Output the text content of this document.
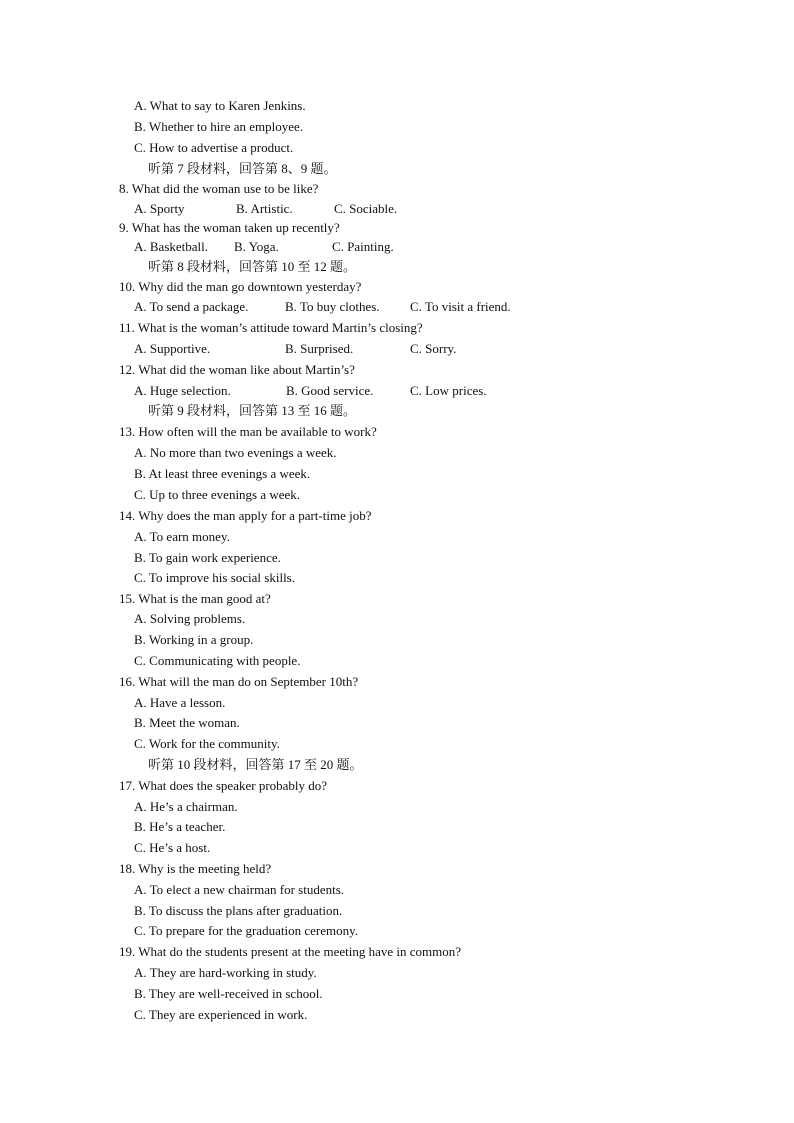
A. What to say to Karen Jenkins.
B. Whether to hire an employee.
C. How to advertise a product.
听第 7 段材料，回答第 8、9 题。
8. What did the woman use to be like?
A. Sporty	B. Artistic.	C. Sociable.
9. What has the woman taken up recently?
A. Basketball. B. Yoga.	C. Painting.
听第 8 段材料，回答第 10 至 12 题。
10. Why did the man go downtown yesterday?
A. To send a package.	B. To buy clothes. C. To visit a friend.
11. What is the woman’s attitude toward Martin’s closing?
A. Supportive.	B. Surprised.	C. Sorry.
12. What did the woman like about Martin’s?
A. Huge selection.	B. Good service.	C. Low prices.
听第 9 段材料，回答第 13 至 16 题。
13. How often will the man be available to work?
A. No more than two evenings a week.
B. At least three evenings a week.
C. Up to three evenings a week.
14. Why does the man apply for a part-time job?
A. To earn money.
B. To gain work experience.
C. To improve his social skills.
15. What is the man good at?
A. Solving problems.
B. Working in a group.
C. Communicating with people.
16. What will the man do on September 10th?
A. Have a lesson.
B. Meet the woman.
C. Work for the community.
听第 10 段材料，回答第 17 至 20 题。
17. What does the speaker probably do?
A. He’s a chairman.
B. He’s a teacher.
C. He’s a host.
18. Why is the meeting held?
A. To elect a new chairman for students.
B. To discuss the plans after graduation.
C. To prepare for the graduation ceremony.
19. What do the students present at the meeting have in common?
A. They are hard-working in study.
B. They are well-received in school.
C. They are experienced in work.
